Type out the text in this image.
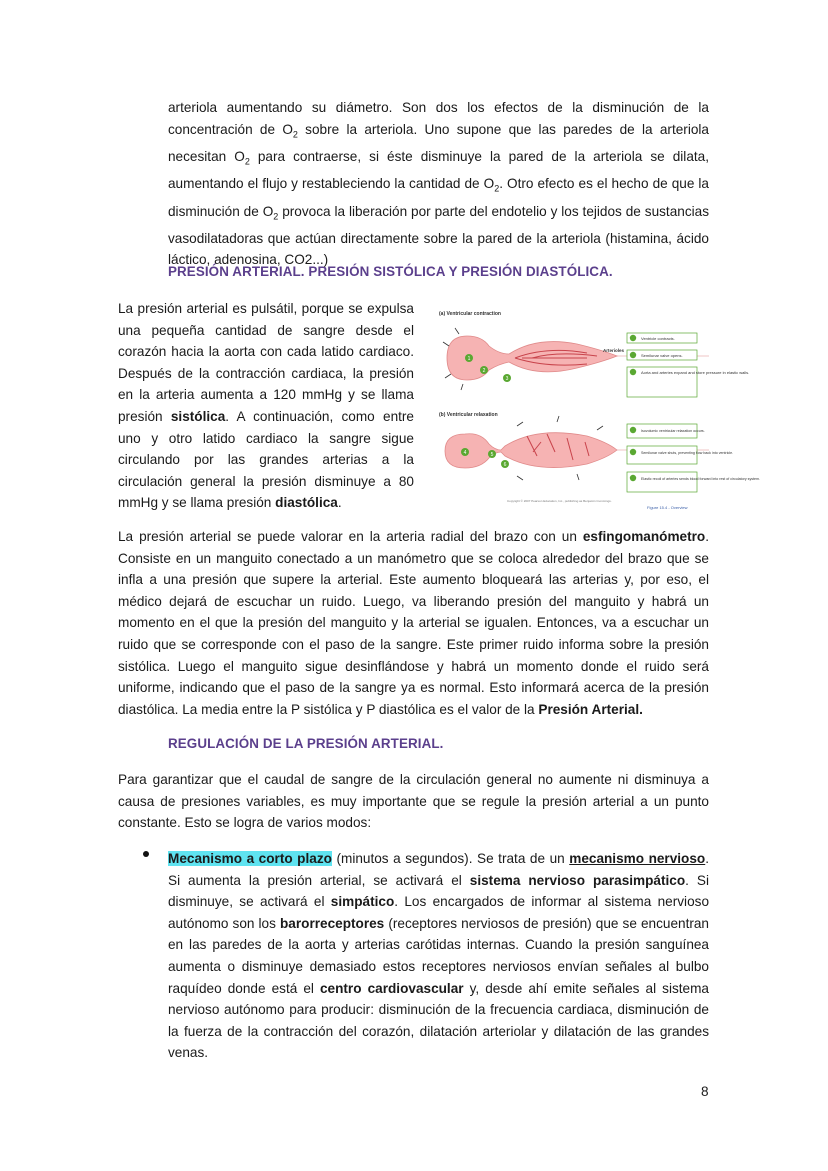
arteriola aumentando su diámetro. Son dos los efectos de la disminución de la concentración de $O_2$ sobre la arteriola. Uno supone que las paredes de la arteriola necesitan $O_2$ para contraerse, si éste disminuye la pared de la arteriola se dilata, aumentando el flujo y restableciendo la cantidad de $O_2$. Otro efecto es el hecho de que la disminución de $O_2$ provoca la liberación por parte del endotelio y los tejidos de sustancias vasodilatadoras que actúan directamente sobre la pared de la arteriola (histamina, ácido láctico, adenosina, CO2...)

PRESIÓN ARTERIAL. PRESIÓN SISTÓLICA Y PRESIÓN DIASTÓLICA.

La presión arterial es pulsátil, porque se expulsa una pequeña cantidad de sangre desde el corazón hacia la aorta con cada latido cardiaco. Después de la contracción cardiaca, la presión en la arteria aumenta a 120 mmHg y se llama presión sistólica. A continuación, como entre uno y otro latido cardiaco la sangre sigue circulando por las grandes arterias a la circulación general la presión disminuye a 80 mmHg y se llama presión diastólica.

(a) Ventricular contraction
Arterioles
1
2
3
Ventricle contracts.
Semilunar valve opens.
Aorta and arteries expand and store pressure in elastic walls.
(b) Ventricular relaxation
4	5
6
Isovolumic ventricular relaxation occurs.
Semilunar valve shuts, preventing flow back into ventricle.
Elastic recoil of arteries sends blood forward into rest of circulatory system.
Copyright © 2007 Pearson Education, Inc., publishing as Benjamin Cummings.
Figure 15.4 - Overview

La presión arterial se puede valorar en la arteria radial del brazo con un esfingomanómetro. Consiste en un manguito conectado a un manómetro que se coloca alrededor del brazo que se infla a una presión que supere la arterial. Este aumento bloqueará las arterias y, por eso, el médico dejará de escuchar un ruido. Luego, va liberando presión del manguito y habrá un momento en el que la presión del manguito y la arterial se igualen. Entonces, va a escuchar un ruido que se corresponde con el paso de la sangre. Este primer ruido informa sobre la presión sistólica. Luego el manguito sigue desinflándose y habrá un momento donde el ruido será uniforme, indicando que el paso de la sangre ya es normal. Esto informará acerca de la presión diastólica. La media entre la P sistólica y P diastólica es el valor de la Presión Arterial.

REGULACIÓN DE LA PRESIÓN ARTERIAL.

Para garantizar que el caudal de sangre de la circulación general no aumente ni disminuya a causa de presiones variables, es muy importante que se regule la presión arterial a un punto constante. Esto se logra de varios modos:

Mecanismo a corto plazo (minutos a segundos). Se trata de un mecanismo nervioso. Si aumenta la presión arterial, se activará el sistema nervioso parasimpático. Si disminuye, se activará el simpático. Los encargados de informar al sistema nervioso autónomo son los barorreceptores (receptores nerviosos de presión) que se encuentran en las paredes de la aorta y arterias carótidas internas. Cuando la presión sanguínea aumenta o disminuye demasiado estos receptores nerviosos envían señales al bulbo raquídeo donde está el centro cardiovascular y, desde ahí emite señales al sistema nervioso autónomo para producir: disminución de la frecuencia cardiaca, disminución de la fuerza de la contracción del corazón, dilatación arteriolar y dilatación de las grandes venas.

8
